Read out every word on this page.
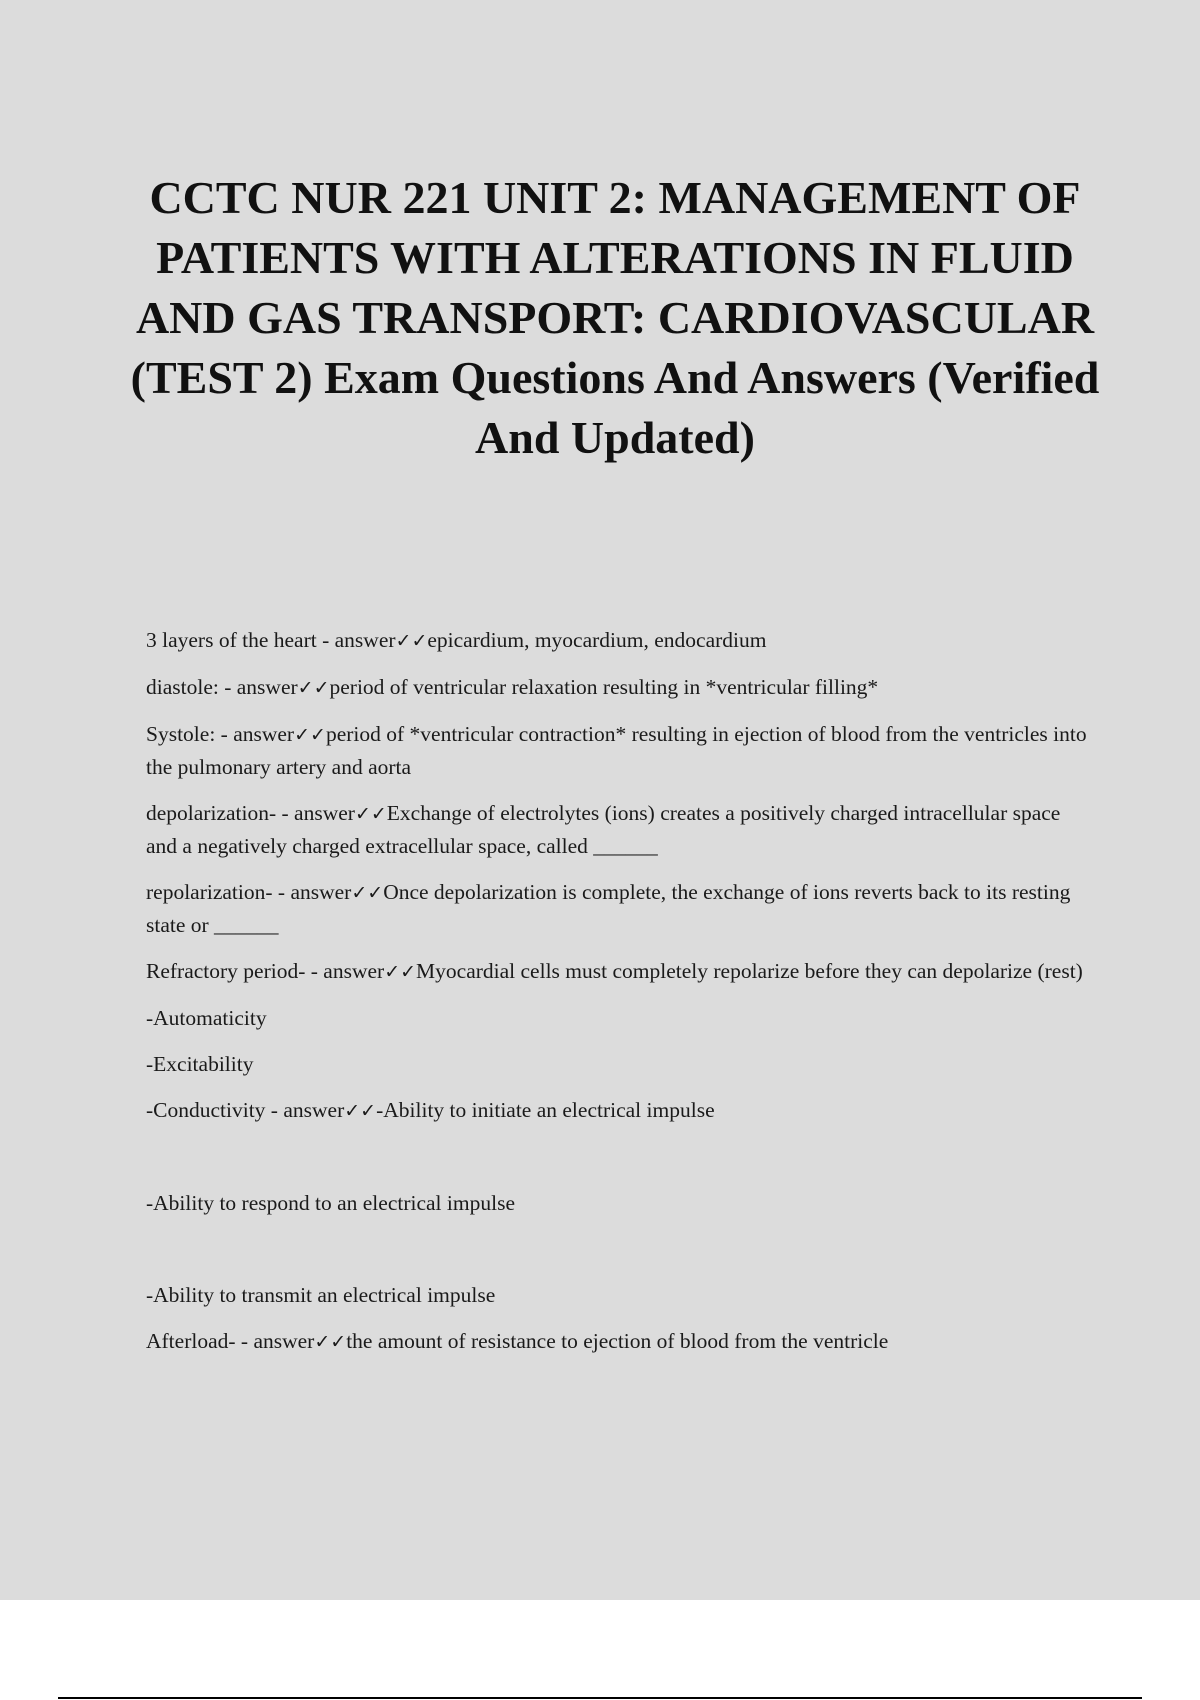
CCTC NUR 221 UNIT 2: MANAGEMENT OF PATIENTS WITH ALTERATIONS IN FLUID AND GAS TRANSPORT: CARDIOVASCULAR (TEST 2) Exam Questions And Answers (Verified And Updated)

3 layers of the heart - answer✓✓epicardium, myocardium, endocardium

diastole: - answer✓✓period of ventricular relaxation resulting in *ventricular filling*

Systole: - answer✓✓period of *ventricular contraction* resulting in ejection of blood from the ventricles into the pulmonary artery and aorta

depolarization- - answer✓✓Exchange of electrolytes (ions) creates a positively charged intracellular space and a negatively charged extracellular space, called ______

repolarization- - answer✓✓Once depolarization is complete, the exchange of ions reverts back to its resting state or ______

Refractory period- - answer✓✓Myocardial cells must completely repolarize before they can depolarize (rest)

-Automaticity

-Excitability

-Conductivity - answer✓✓-Ability to initiate an electrical impulse

-Ability to respond to an electrical impulse

-Ability to transmit an electrical impulse

Afterload- - answer✓✓the amount of resistance to ejection of blood from the ventricle
